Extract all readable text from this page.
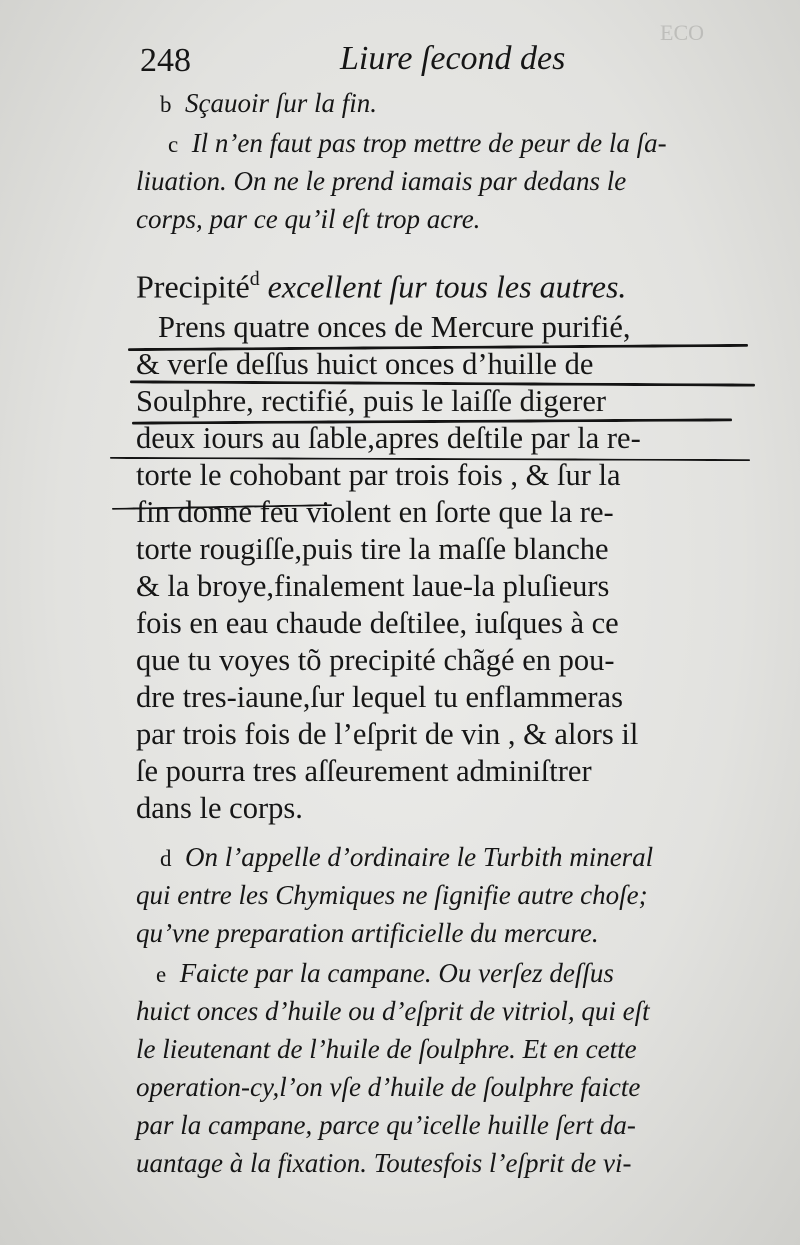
ECO
248	Liure ſecond des
b Sçauoir ſur la fin.
c Il n’en faut pas trop mettre de peur de la ſa-
liuation. On ne le prend iamais par dedans le
corps, par ce qu’il eſt trop acre.
Precipité$^d$ excellent ſur tous les autres.
Prens quatre onces de Mercure purifié,
& verſe deſſus huict onces d’huille de
Soulphre, rectifié, puis le laiſſe digerer
deux iours au ſable,apres deſtile par la re-
torte le cohobant par trois fois , & ſur la
fin donne feu violent en ſorte que la re-
torte rougiſſe,puis tire la maſſe blanche
& la broye,finalement laue-la pluſieurs
fois en eau chaude deſtilee, iuſques à ce
que tu voyes tõ precipité chãgé en pou-
dre tres-iaune,ſur lequel tu enflammeras
par trois fois de l’eſprit de vin , & alors il
ſe pourra tres aſſeurement adminiſtrer
dans le corps.
d On l’appelle d’ordinaire le Turbith mineral
qui entre les Chymiques ne ſignifie autre choſe;
qu’vne preparation artificielle du mercure.
e Faicte par la campane. Ou verſez deſſus
huict onces d’huile ou d’eſprit de vitriol, qui eſt
le lieutenant de l’huile de ſoulphre. Et en cette
operation-cy,l’on vſe d’huile de ſoulphre faicte
par la campane, parce qu’icelle huille ſert da-
uantage à la fixation. Toutesfois l’eſprit de vi-
